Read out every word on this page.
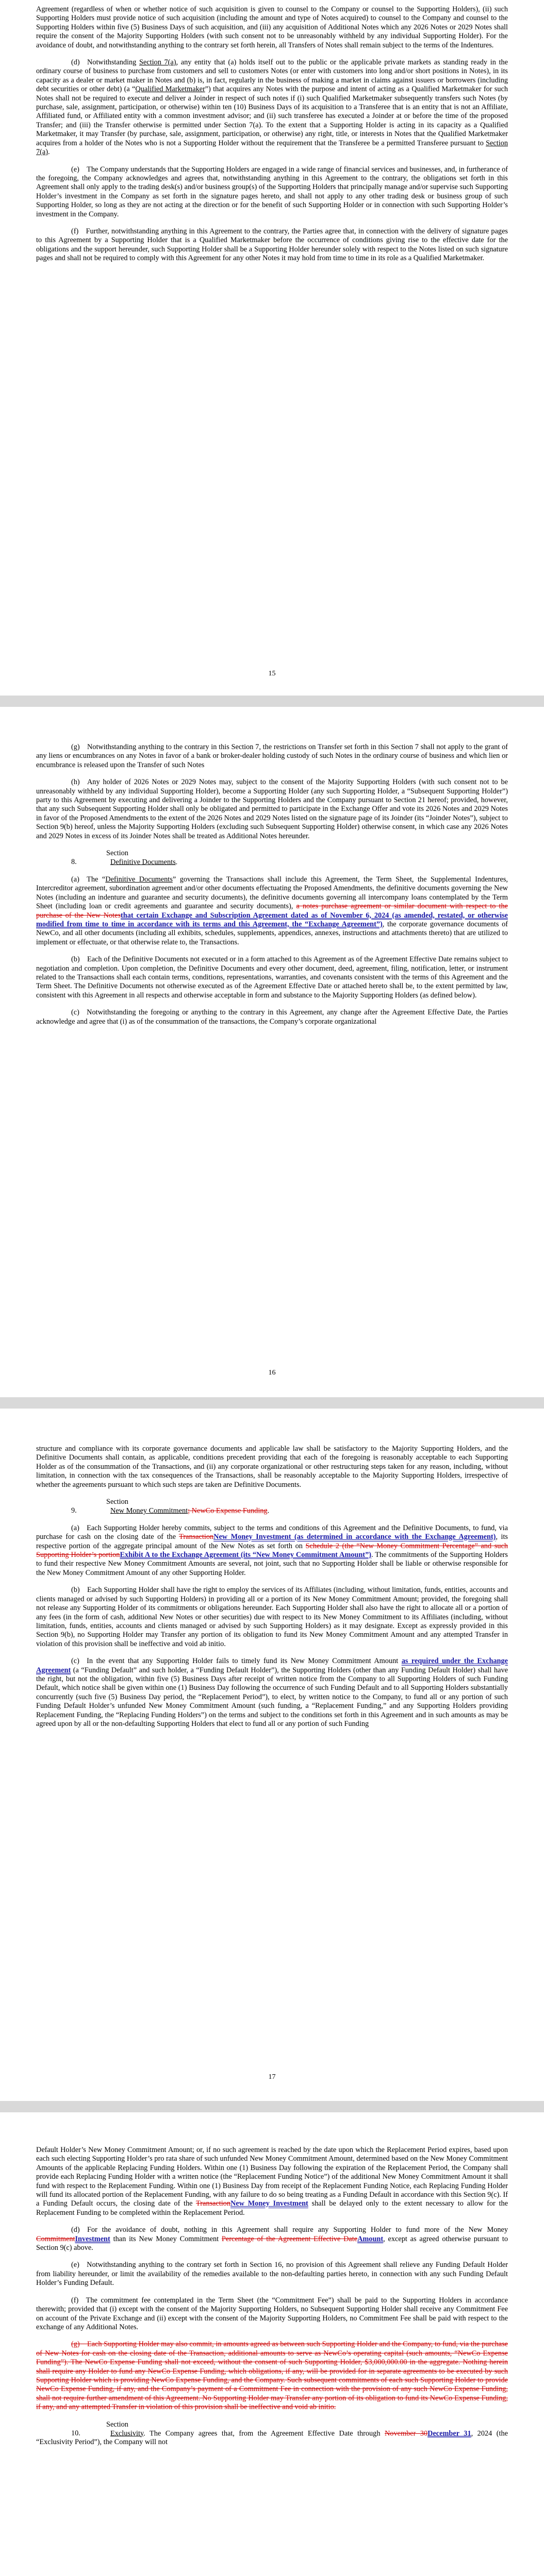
Agreement (regardless of when or whether notice of such acquisition is given to counsel to the Company or counsel to the Supporting Holders), (ii) such Supporting Holders must provide notice of such acquisition (including the amount and type of Notes acquired) to counsel to the Company and counsel to the Supporting Holders within five (5) Business Days of such acquisition, and (iii) any acquisition of Additional Notes which any 2026 Notes or 2029 Notes shall require the consent of the Majority Supporting Holders (with such consent not to be unreasonably withheld by any individual Supporting Holder). For the avoidance of doubt, and notwithstanding anything to the contrary set forth herein, all Transfers of Notes shall remain subject to the terms of the Indentures.

(d) Notwithstanding Section 7(a), any entity that (a) holds itself out to the public or the applicable private markets as standing ready in the ordinary course of business to purchase from customers and sell to customers Notes (or enter with customers into long and/or short positions in Notes), in its capacity as a dealer or market maker in Notes and (b) is, in fact, regularly in the business of making a market in claims against issuers or borrowers (including debt securities or other debt) (a “Qualified Marketmaker”) that acquires any Notes with the purpose and intent of acting as a Qualified Marketmaker for such Notes shall not be required to execute and deliver a Joinder in respect of such notes if (i) such Qualified Marketmaker subsequently transfers such Notes (by purchase, sale, assignment, participation, or otherwise) within ten (10) Business Days of its acquisition to a Transferee that is an entity that is not an Affiliate, Affiliated fund, or Affiliated entity with a common investment advisor; and (ii) such transferee has executed a Joinder at or before the time of the proposed Transfer; and (iii) the Transfer otherwise is permitted under Section 7(a). To the extent that a Supporting Holder is acting in its capacity as a Qualified Marketmaker, it may Transfer (by purchase, sale, assignment, participation, or otherwise) any right, title, or interests in Notes that the Qualified Marketmaker acquires from a holder of the Notes who is not a Supporting Holder without the requirement that the Transferee be a permitted Transferee pursuant to Section 7(a).

(e) The Company understands that the Supporting Holders are engaged in a wide range of financial services and businesses, and, in furtherance of the foregoing, the Company acknowledges and agrees that, notwithstanding anything in this Agreement to the contrary, the obligations set forth in this Agreement shall only apply to the trading desk(s) and/or business group(s) of the Supporting Holders that principally manage and/or supervise such Supporting Holder’s investment in the Company as set forth in the signature pages hereto, and shall not apply to any other trading desk or business group of such Supporting Holder, so long as they are not acting at the direction or for the benefit of such Supporting Holder or in connection with such Supporting Holder’s investment in the Company.

(f) Further, notwithstanding anything in this Agreement to the contrary, the Parties agree that, in connection with the delivery of signature pages to this Agreement by a Supporting Holder that is a Qualified Marketmaker before the occurrence of conditions giving rise to the effective date for the obligations and the support hereunder, such Supporting Holder shall be a Supporting Holder hereunder solely with respect to the Notes listed on such signature pages and shall not be required to comply with this Agreement for any other Notes it may hold from time to time in its role as a Qualified Marketmaker.

15

(g) Notwithstanding anything to the contrary in this Section 7, the restrictions on Transfer set forth in this Section 7 shall not apply to the grant of any liens or encumbrances on any Notes in favor of a bank or broker-dealer holding custody of such Notes in the ordinary course of business and which lien or encumbrance is released upon the Transfer of such Notes

(h) Any holder of 2026 Notes or 2029 Notes may, subject to the consent of the Majority Supporting Holders (with such consent not to be unreasonably withheld by any individual Supporting Holder), become a Supporting Holder (any such Supporting Holder, a “Subsequent Supporting Holder”) party to this Agreement by executing and delivering a Joinder to the Supporting Holders and the Company pursuant to Section 21 hereof; provided, however, that any such Subsequent Supporting Holder shall only be obligated and permitted to participate in the Exchange Offer and vote its 2026 Notes and 2029 Notes in favor of the Proposed Amendments to the extent of the 2026 Notes and 2029 Notes listed on the signature page of its Joinder (its “Joinder Notes”), subject to Section 9(b) hereof, unless the Majority Supporting Holders (excluding such Subsequent Supporting Holder) otherwise consent, in which case any 2026 Notes and 2029 Notes in excess of its Joinder Notes shall be treated as Additional Notes hereunder.

Section 8.	Definitive Documents.

(a) The “Definitive Documents” governing the Transactions shall include this Agreement, the Term Sheet, the Supplemental Indentures, Intercreditor agreement, subordination agreement and/or other documents effectuating the Proposed Amendments, the definitive documents governing the New Notes (including an indenture and guarantee and security documents), the definitive documents governing all intercompany loans contemplated by the Term Sheet (including loan or credit agreements and guarantee and security documents), a notes purchase agreement or similar document with respect to the purchase of the New Notesthat certain Exchange and Subscription Agreement dated as of November 6, 2024 (as amended, restated, or otherwise modified from time to time in accordance with its terms and this Agreement, the “Exchange Agreement”), the corporate governance documents of NewCo, and all other documents (including all exhibits, schedules, supplements, appendices, annexes, instructions and attachments thereto) that are utilized to implement or effectuate, or that otherwise relate to, the Transactions.

(b) Each of the Definitive Documents not executed or in a form attached to this Agreement as of the Agreement Effective Date remains subject to negotiation and completion. Upon completion, the Definitive Documents and every other document, deed, agreement, filing, notification, letter, or instrument related to the Transactions shall each contain terms, conditions, representations, warranties, and covenants consistent with the terms of this Agreement and the Term Sheet. The Definitive Documents not otherwise executed as of the Agreement Effective Date or attached hereto shall be, to the extent permitted by law, consistent with this Agreement in all respects and otherwise acceptable in form and substance to the Majority Supporting Holders (as defined below).

(c) Notwithstanding the foregoing or anything to the contrary in this Agreement, any change after the Agreement Effective Date, the Parties acknowledge and agree that (i) as of the consummation of the transactions, the Company’s corporate organizational

16

structure and compliance with its corporate governance documents and applicable law shall be satisfactory to the Majority Supporting Holders, and the Definitive Documents shall contain, as applicable, conditions precedent providing that each of the foregoing is reasonably acceptable to each Supporting Holder as of the consummation of the Transactions, and (ii) any corporate organizational or other restructuring steps taken for any reason, including, without limitation, in connection with the tax consequences of the Transactions, shall be reasonably acceptable to the Majority Supporting Holders, irrespective of whether the agreements pursuant to which such steps are taken are Definitive Documents.

Section 9.	New Money Commitment; NewCo Expense Funding.

(a) Each Supporting Holder hereby commits, subject to the terms and conditions of this Agreement and the Definitive Documents, to fund, via purchase for cash on the closing date of the TransactionNew Money Investment (as determined in accordance with the Exchange Agreement), its respective portion of the aggregate principal amount of the New Notes as set forth on Schedule 2 (the “New Money Commitment Percentage” and such Supporting Holder’s portionExhibit A to the Exchange Agreement (its “New Money Commitment Amount”). The commitments of the Supporting Holders to fund their respective New Money Commitment Amounts are several, not joint, such that no Supporting Holder shall be liable or otherwise responsible for the New Money Commitment Amount of any other Supporting Holder.

(b) Each Supporting Holder shall have the right to employ the services of its Affiliates (including, without limitation, funds, entities, accounts and clients managed or advised by such Supporting Holders) in providing all or a portion of its New Money Commitment Amount; provided, the foregoing shall not release any Supporting Holder of its commitments or obligations hereunder. Each Supporting Holder shall also have the right to allocate all or a portion of any fees (in the form of cash, additional New Notes or other securities) due with respect to its New Money Commitment to its Affiliates (including, without limitation, funds, entities, accounts and clients managed or advised by such Supporting Holders) as it may designate. Except as expressly provided in this Section 9(b), no Supporting Holder may Transfer any portion of its obligation to fund its New Money Commitment Amount and any attempted Transfer in violation of this provision shall be ineffective and void ab initio.

(c) In the event that any Supporting Holder fails to timely fund its New Money Commitment Amount as required under the Exchange Agreement (a “Funding Default” and such holder, a “Funding Default Holder”), the Supporting Holders (other than any Funding Default Holder) shall have the right, but not the obligation, within five (5) Business Days after receipt of written notice from the Company to all Supporting Holders of such Funding Default, which notice shall be given within one (1) Business Day following the occurrence of such Funding Default and to all Supporting Holders substantially concurrently (such five (5) Business Day period, the “Replacement Period”), to elect, by written notice to the Company, to fund all or any portion of such Funding Default Holder’s unfunded New Money Commitment Amount (such funding, a “Replacement Funding,” and any Supporting Holders providing Replacement Funding, the “Replacing Funding Holders”) on the terms and subject to the conditions set forth in this Agreement and in such amounts as may be agreed upon by all or the non-defaulting Supporting Holders that elect to fund all or any portion of such Funding

17

Default Holder’s New Money Commitment Amount; or, if no such agreement is reached by the date upon which the Replacement Period expires, based upon each such electing Supporting Holder’s pro rata share of such unfunded New Money Commitment Amount, determined based on the New Money Commitment Amounts of the applicable Replacing Funding Holders. Within one (1) Business Day following the expiration of the Replacement Period, the Company shall provide each Replacing Funding Holder with a written notice (the “Replacement Funding Notice”) of the additional New Money Commitment Amount it shall fund with respect to the Replacement Funding. Within one (1) Business Day from receipt of the Replacement Funding Notice, each Replacing Funding Holder will fund its allocated portion of the Replacement Funding, with any failure to do so being treating as a Funding Default in accordance with this Section 9(c). If a Funding Default occurs, the closing date of the TransactionNew Money Investment shall be delayed only to the extent necessary to allow for the Replacement Funding to be completed within the Replacement Period.

(d) For the avoidance of doubt, nothing in this Agreement shall require any Supporting Holder to fund more of the New Money CommitmentInvestment than its New Money Commitment Percentage of the Agreement Effective DateAmount, except as agreed otherwise pursuant to Section 9(c) above.

(e) Notwithstanding anything to the contrary set forth in Section 16, no provision of this Agreement shall relieve any Funding Default Holder from liability hereunder, or limit the availability of the remedies available to the non-defaulting parties hereto, in connection with any such Funding Default Holder’s Funding Default.

(f) The commitment fee contemplated in the Term Sheet (the “Commitment Fee”) shall be paid to the Supporting Holders in accordance therewith; provided that (i) except with the consent of the Majority Supporting Holders, no Subsequent Supporting Holder shall receive any Commitment Fee on account of the Private Exchange and (ii) except with the consent of the Majority Supporting Holders, no Commitment Fee shall be paid with respect to the exchange of any Additional Notes.

(g) Each Supporting Holder may also commit, in amounts agreed as between such Supporting Holder and the Company, to fund, via the purchase of New Notes for cash on the closing date of the Transaction, additional amounts to serve as NewCo’s operating capital (such amounts, “NewCo Expense Funding”). The NewCo Expense Funding shall not exceed, without the consent of such Supporting Holder, $3,000,000.00 in the aggregate. Nothing herein shall require any Holder to fund any NewCo Expense Funding, which obligations, if any, will be provided for in separate agreements to be executed by such Supporting Holder which is providing NewCo Expense Funding, and the Company. Such subsequent commitments of each such Supporting Holder to provide NewCo Expense Funding, if any, and the Company’s payment of a Commitment Fee in connection with the provision of any such NewCo Expense Funding, shall not require further amendment of this Agreement. No Supporting Holder may Transfer any portion of its obligation to fund its NewCo Expense Funding, if any, and any attempted Transfer in violation of this provision shall be ineffective and void ab initio.

Section 10.	Exclusivity. The Company agrees that, from the Agreement Effective Date through November 30December 31, 2024 (the “Exclusivity Period”), the Company will not
